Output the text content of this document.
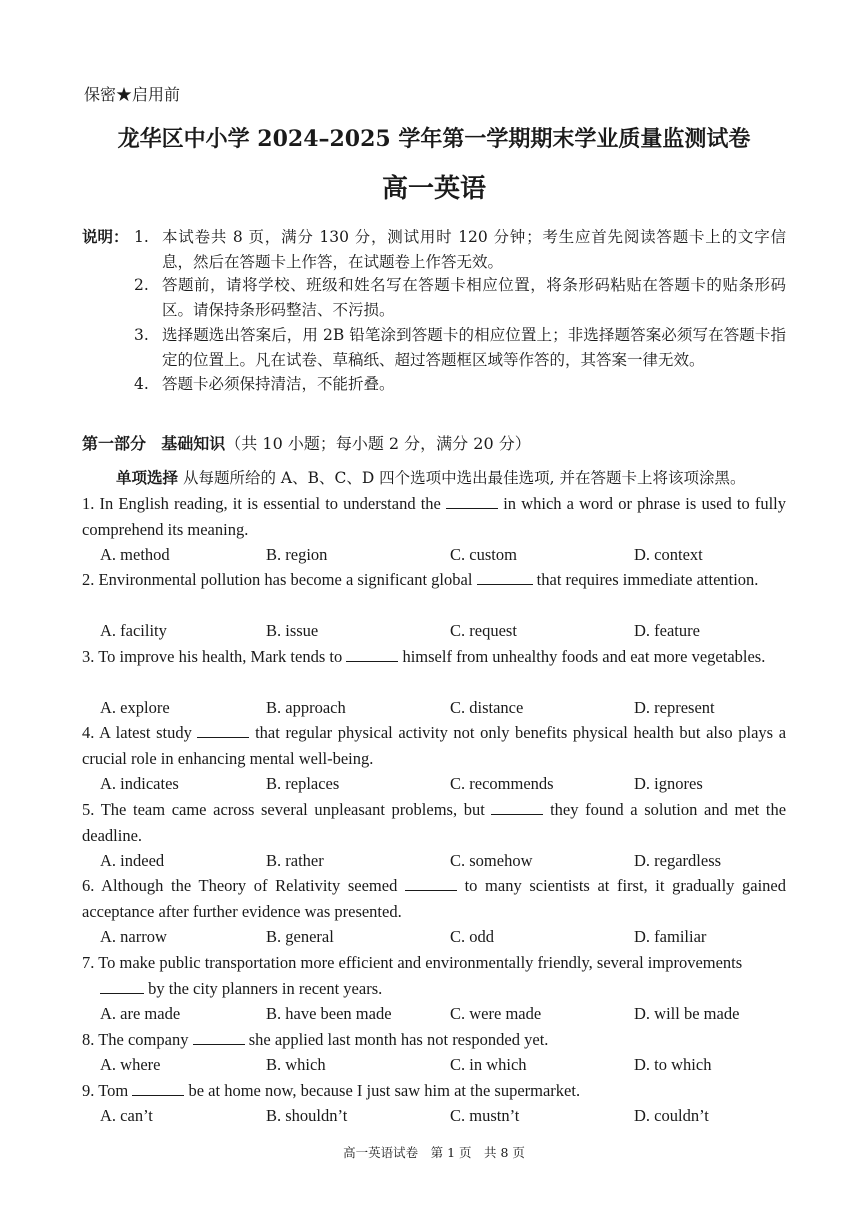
保密★启用前
龙华区中小学 2024–2025 学年第一学期期末学业质量监测试卷
高一英语
说明： 1. 本试卷共 8 页，满分 130 分，测试用时 120 分钟；考生应首先阅读答题卡上的文字信息，然后在答题卡上作答，在试题卷上作答无效。
2. 答题前，请将学校、班级和姓名写在答题卡相应位置，将条形码粘贴在答题卡的贴条形码区。请保持条形码整洁、不污损。
3. 选择题选出答案后，用 2B 铅笔涂到答题卡的相应位置上；非选择题答案必须写在答题卡指定的位置上。凡在试卷、草稿纸、超过答题框区域等作答的，其答案一律无效。
4. 答题卡必须保持清洁，不能折叠。
第一部分 基础知识（共 10 小题；每小题 2 分，满分 20 分）
单项选择 从每题所给的 A、B、C、D 四个选项中选出最佳选项, 并在答题卡上将该项涂黑。
1. In English reading, it is essential to understand the	in which a word or phrase is used to fully comprehend its meaning.
A. method	B. region	C. custom	D. context
2. Environmental pollution has become a significant global	that requires immediate attention.
A. facility	B. issue	C. request	D. feature
3. To improve his health, Mark tends to	himself from unhealthy foods and eat more vegetables.
A. explore	B. approach	C. distance	D. represent
4. A latest study	that regular physical activity not only benefits physical health but also plays a crucial role in enhancing mental well-being.
A. indicates	B. replaces	C. recommends	D. ignores
5. The team came across several unpleasant problems, but	they found a solution and met the deadline.
A. indeed	B. rather	C. somehow	D. regardless
6. Although the Theory of Relativity seemed	to many scientists at first, it gradually gained acceptance after further evidence was presented.
A. narrow	B. general	C. odd	D. familiar
7. To make public transportation more efficient and environmentally friendly, several improvements
by the city planners in recent years.
A. are made	B. have been made	C. were made	D. will be made
8. The company	she applied last month has not responded yet.
A. where	B. which	C. in which	D. to which
9. Tom	be at home now, because I just saw him at the supermarket.
A. can’t	B. shouldn’t	C. mustn’t	D. couldn’t
高一英语试卷　第 1 页　共 8 页
